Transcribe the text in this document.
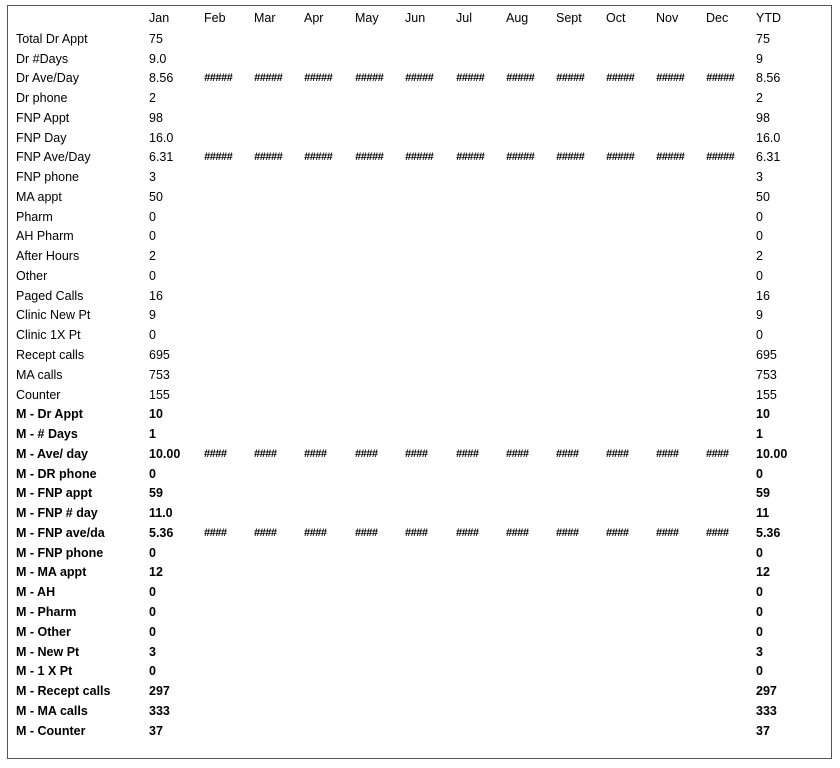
Jan	Feb Mar Apr	May Jun Jul	Aug Sept Oct Nov Dec YTD
Total Dr Appt	75	75
Dr #Days	9.0	9
Dr Ave/Day	8.56	##### ##### ##### ##### ##### ##### ##### ##### ##### ##### ##### 8.56
Dr phone	2	2
FNP Appt	98	98
FNP Day	16.0	16.0
FNP Ave/Day	6.31	##### ##### ##### ##### ##### ##### ##### ##### ##### ##### ##### 6.31
FNP phone	3	3
MA appt	50	50
Pharm	0	0
AH Pharm	0	0
After Hours	2	2
Other	0	0
Paged Calls	16	16
Clinic New Pt	9	9
Clinic 1X Pt	0	0
Recept calls	695	695
MA calls	753	753
Counter	155	155
M - Dr Appt	10	10
M - # Days	1	1
M - Ave/ day	10.00 ####	####	####	####	####	####	####	####	####	####	#### 10.00
M - DR phone	0	0
M - FNP appt	59	59
M - FNP # day	11.0	11
M - FNP ave/da	5.36	####	####	####	####	####	####	####	####	####	####	#### 5.36
M - FNP phone	0	0
M - MA appt	12	12
M - AH	0	0
M - Pharm	0	0
M - Other	0	0
M - New Pt	3	3
M - 1 X Pt	0	0
M - Recept calls	297	297
M - MA calls	333	333
M - Counter	37	37
